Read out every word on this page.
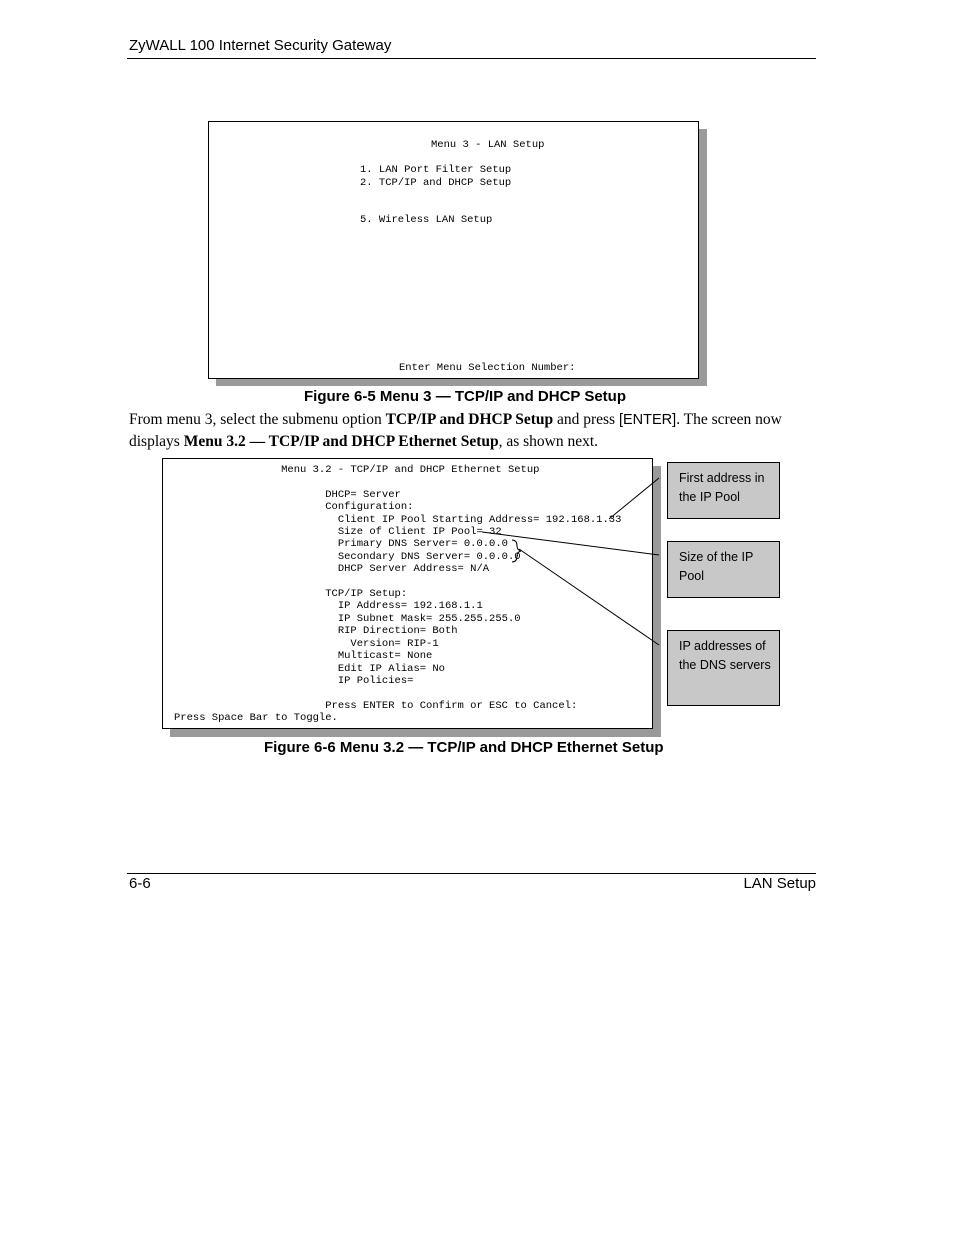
ZyWALL 100 Internet Security Gateway
Menu 3 - LAN Setup
1. LAN Port Filter Setup
2. TCP/IP and DHCP Setup
5. Wireless LAN Setup
Enter Menu Selection Number:
Figure 6-5 Menu 3 — TCP/IP and DHCP Setup
From menu 3, select the submenu option TCP/IP and DHCP Setup and press [ENTER]. The screen now displays Menu 3.2 — TCP/IP and DHCP Ethernet Setup, as shown next.
Menu 3.2 - TCP/IP and DHCP Ethernet Setup

DHCP= Server
Configuration:
Client IP Pool Starting Address= 192.168.1.33
Size of Client IP Pool= 32
Primary DNS Server= 0.0.0.0
Secondary DNS Server= 0.0.0.0
DHCP Server Address= N/A

TCP/IP Setup:
IP Address= 192.168.1.1
IP Subnet Mask= 255.255.255.0
RIP Direction= Both
Version= RIP-1
Multicast= None
Edit IP Alias= No
IP Policies=

Press ENTER to Confirm or ESC to Cancel:
Press Space Bar to Toggle.
First address in the IP Pool
Size of the IP Pool
IP addresses of the DNS servers
Figure 6-6 Menu 3.2 — TCP/IP and DHCP Ethernet Setup
6-6	LAN Setup
